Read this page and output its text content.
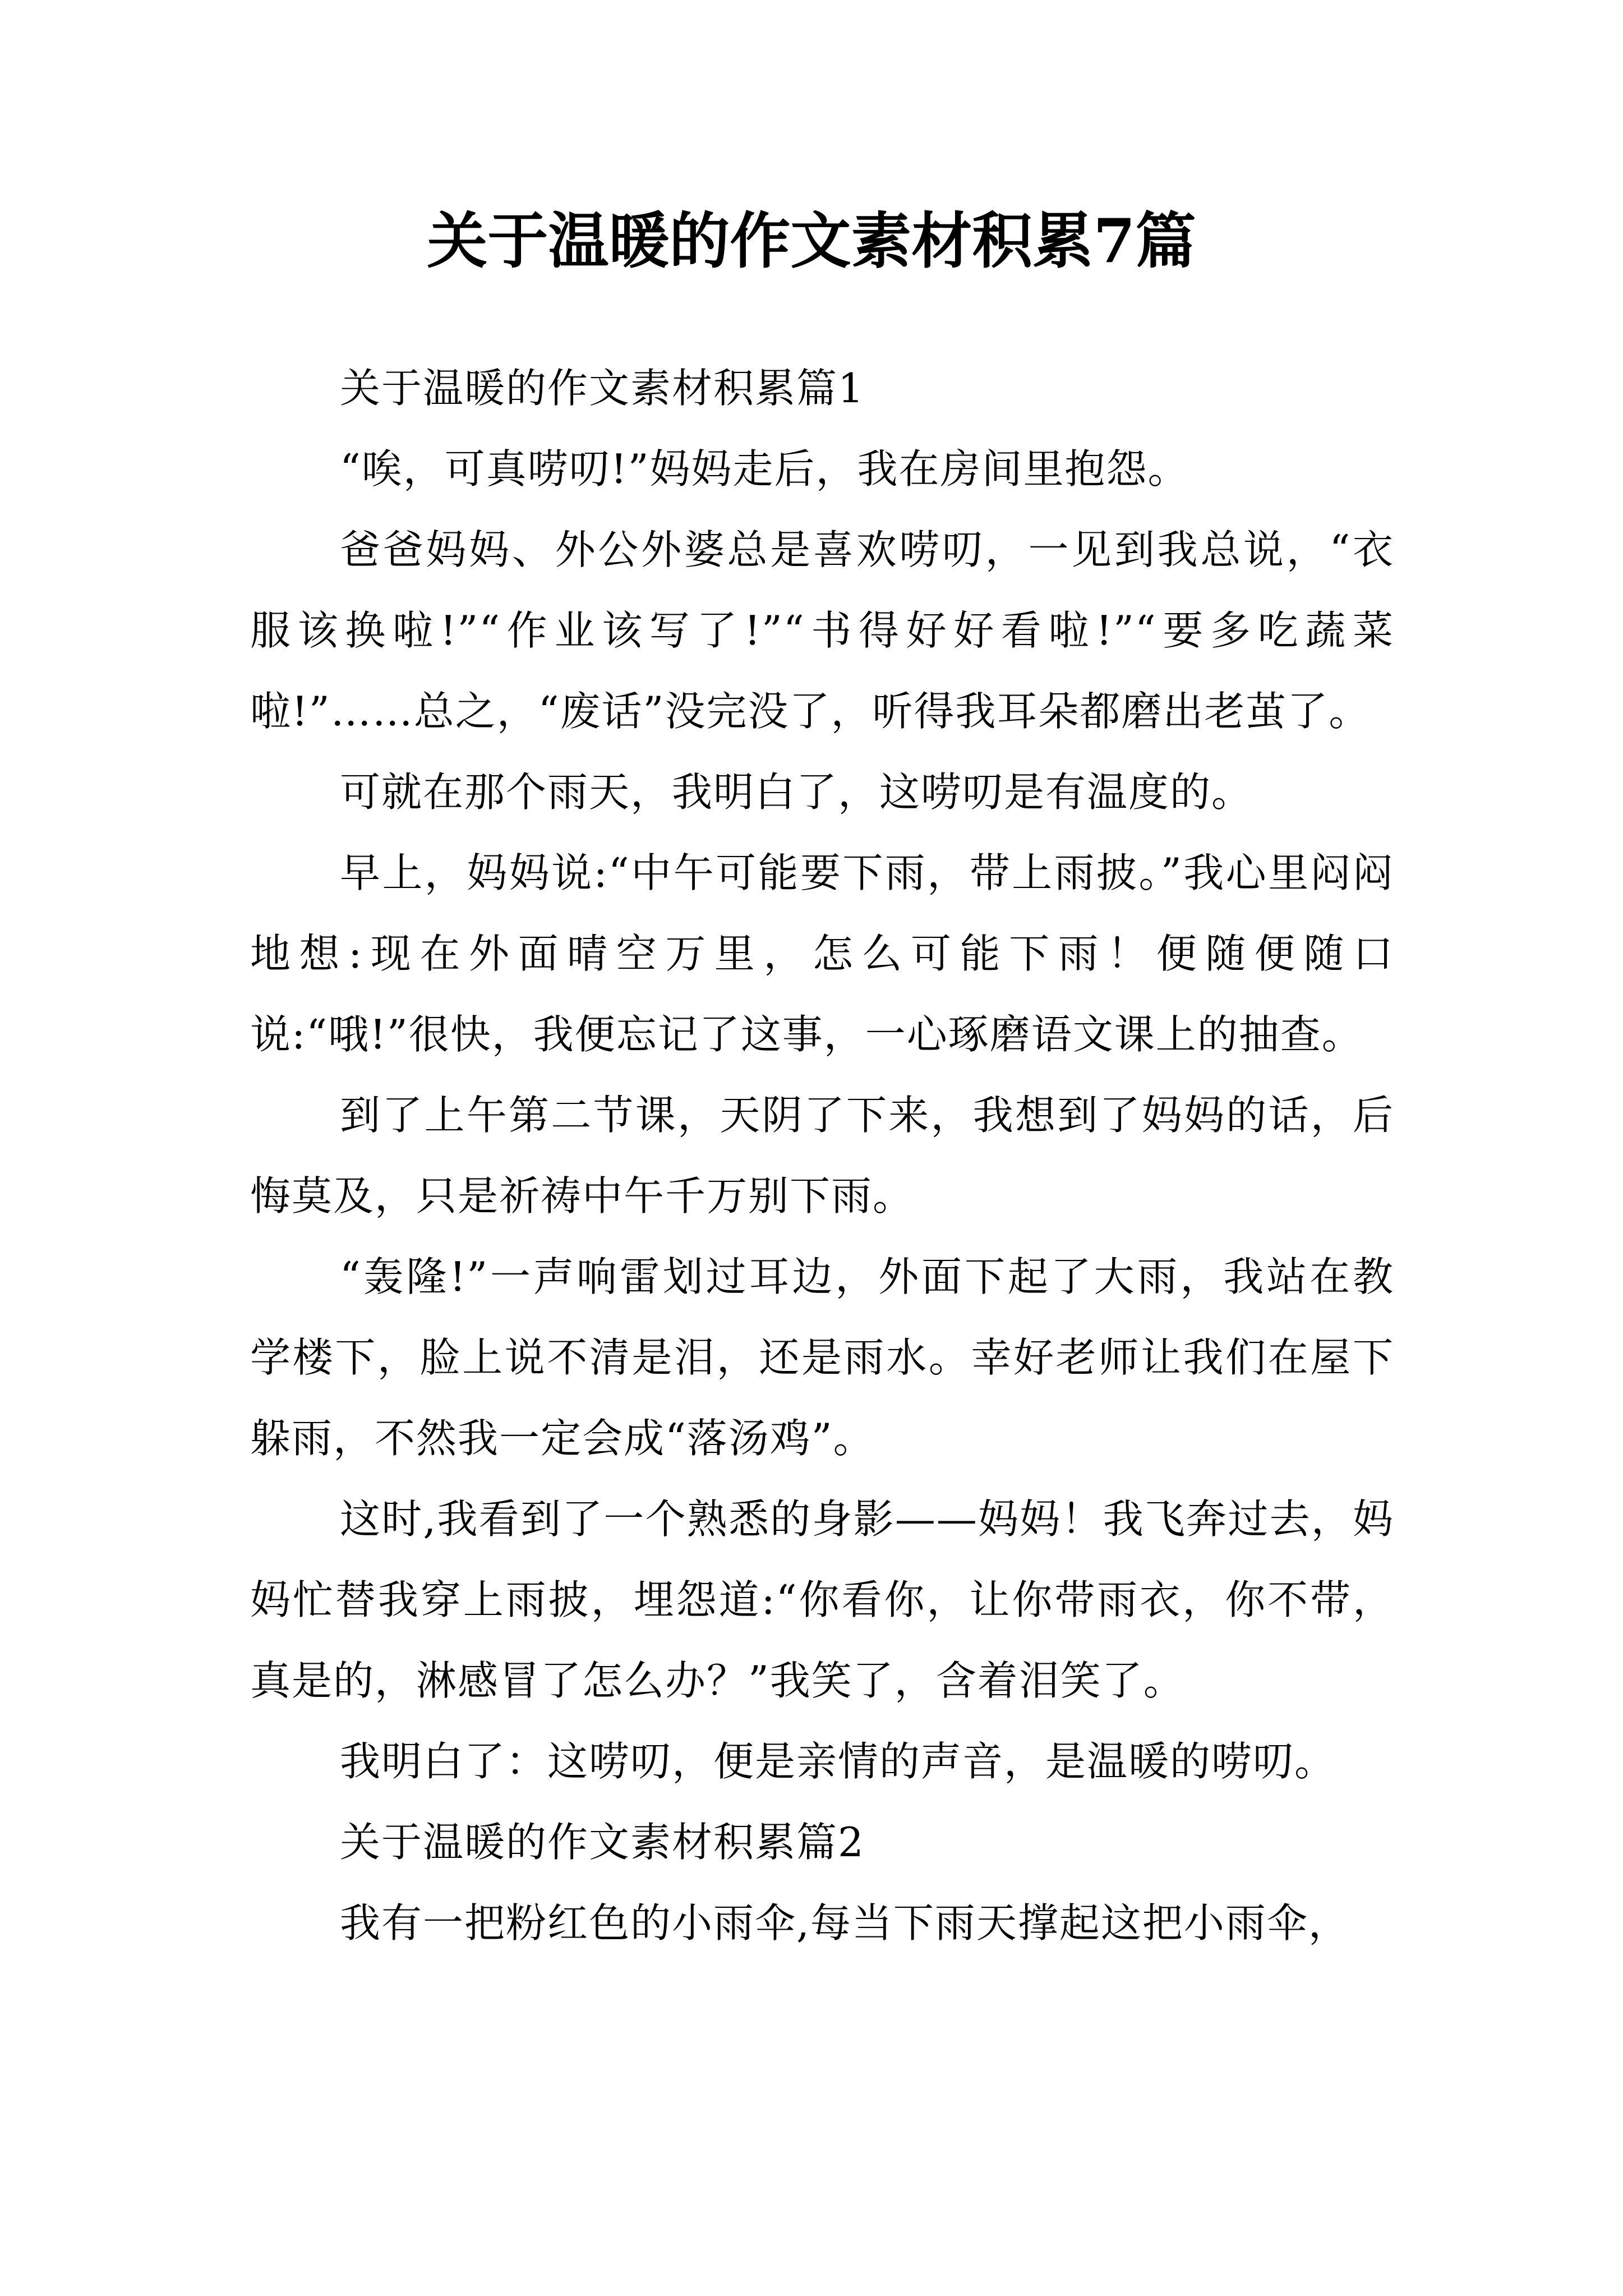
关于温暖的作文素材积累7篇

关于温暖的作文素材积累篇1

“唉，可真唠叨!”妈妈走后，我在房间里抱怨。

爸爸妈妈、外公外婆总是喜欢唠叨，一见到我总说，“衣服该换啦!”“作业该写了!”“书得好好看啦!”“要多吃蔬菜啦!”……总之，“废话”没完没了，听得我耳朵都磨出老茧了。

可就在那个雨天，我明白了，这唠叨是有温度的。

早上，妈妈说:“中午可能要下雨，带上雨披。”我心里闷闷地想:现在外面晴空万里，怎么可能下雨！便随便随口说:“哦!”很快，我便忘记了这事，一心琢磨语文课上的抽查。

到了上午第二节课，天阴了下来，我想到了妈妈的话，后悔莫及，只是祈祷中午千万别下雨。

“轰隆!”一声响雷划过耳边，外面下起了大雨，我站在教学楼下，脸上说不清是泪，还是雨水。幸好老师让我们在屋下躲雨，不然我一定会成“落汤鸡”。

这时,我看到了一个熟悉的身影——妈妈！我飞奔过去，妈妈忙替我穿上雨披，埋怨道:“你看你，让你带雨衣，你不带，真是的，淋感冒了怎么办？”我笑了，含着泪笑了。

我明白了：这唠叨，便是亲情的声音，是温暖的唠叨。

关于温暖的作文素材积累篇2

我有一把粉红色的小雨伞,每当下雨天撑起这把小雨伞，
